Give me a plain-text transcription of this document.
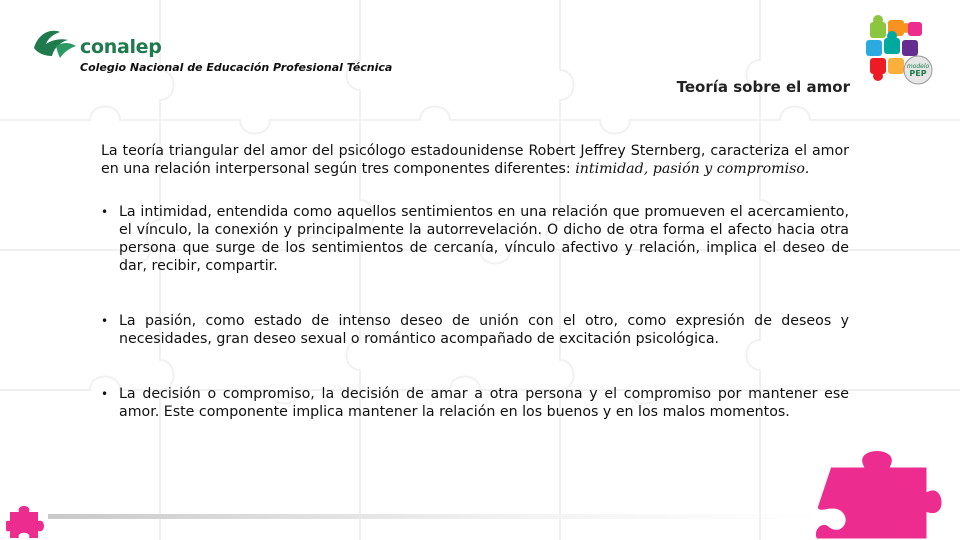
conalep
Colegio Nacional de Educación Profesional Técnica	modelo
PEP
Teoría sobre el amor

La teoría triangular del amor del psicólogo estadounidense Robert Jeffrey Sternberg, caracteriza el amor en una relación interpersonal según tres componentes diferentes: intimidad, pasión y compromiso.

• La intimidad, entendida como aquellos sentimientos en una relación que promueven el acercamiento, el vínculo, la conexión y principalmente la autorrevelación. O dicho de otra forma el afecto hacia otra persona que surge de los sentimientos de cercanía, vínculo afectivo y relación, implica el deseo de dar, recibir, compartir.
• La pasión, como estado de intenso deseo de unión con el otro, como expresión de deseos y necesidades, gran deseo sexual o romántico acompañado de excitación psicológica.
• La decisión o compromiso, la decisión de amar a otra persona y el compromiso por mantener ese amor. Este componente implica mantener la relación en los buenos y en los malos momentos.
